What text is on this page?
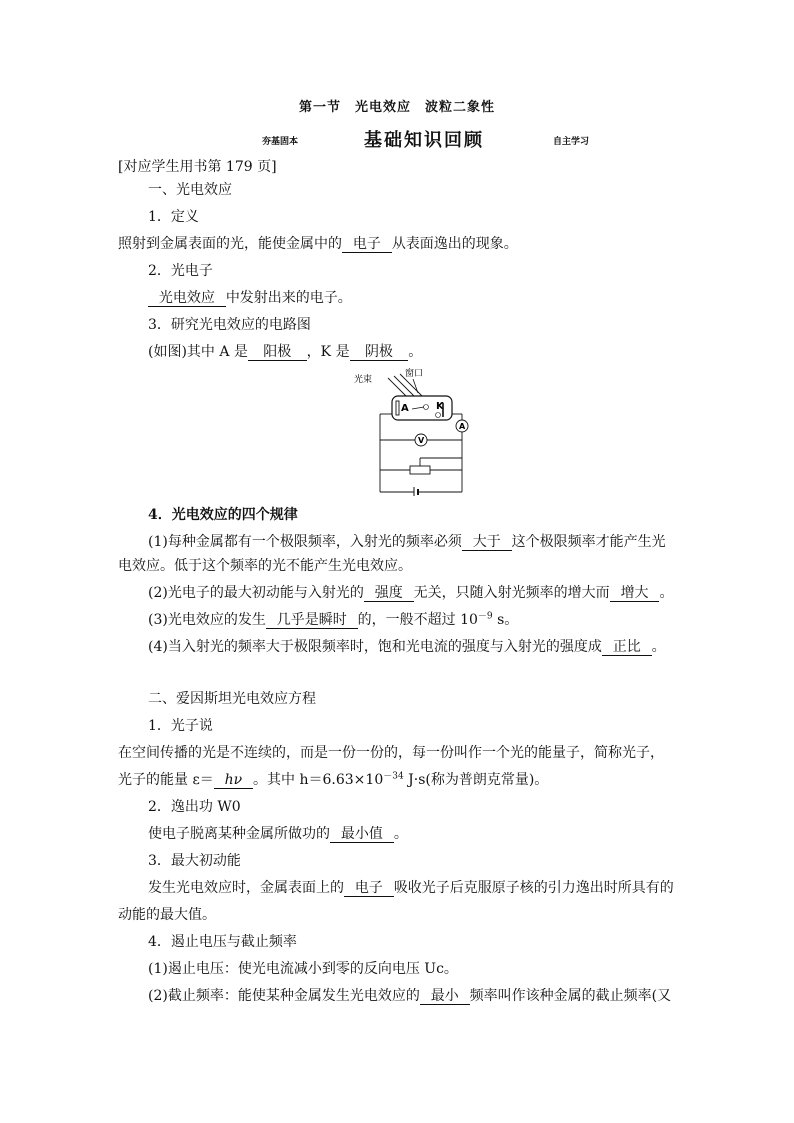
第一节　光电效应　波粒二象性
夯基固本	基础知识回顾	自主学习
[对应学生用书第 179 页]
一、光电效应
1．定义
照射到金属表面的光，能使金属中的 电子 从表面逸出的现象。
2．光电子
光电效应 中发射出来的电子。
3．研究光电效应的电路图
(如图)其中 A 是 阳极 ，K 是 阴极 。
光束
窗口
A	K
A
V
4．光电效应的四个规律
(1)每种金属都有一个极限频率，入射光的频率必须 大于 这个极限频率才能产生光
电效应。低于这个频率的光不能产生光电效应。
(2)光电子的最大初动能与入射光的 强度 无关，只随入射光频率的增大而 增大 。
(3)光电效应的发生 几乎是瞬时 的，一般不超过 $10^{-9}$ s。
(4)当入射光的频率大于极限频率时，饱和光电流的强度与入射光的强度成 正比 。
二、爱因斯坦光电效应方程
1．光子说
在空间传播的光是不连续的，而是一份一份的，每一份叫作一个光的能量子，简称光子，
光子的能量 ε＝ hν 。其中 $h=6.63\times 10^{-34}$ J·s(称为普朗克常量)。
2．逸出功 W0
使电子脱离某种金属所做功的 最小值 。
3．最大初动能
发生光电效应时，金属表面上的 电子 吸收光子后克服原子核的引力逸出时所具有的
动能的最大值。
4．遏止电压与截止频率
(1)遏止电压：使光电流减小到零的反向电压 Uc。
(2)截止频率：能使某种金属发生光电效应的 最小 频率叫作该种金属的截止频率(又
